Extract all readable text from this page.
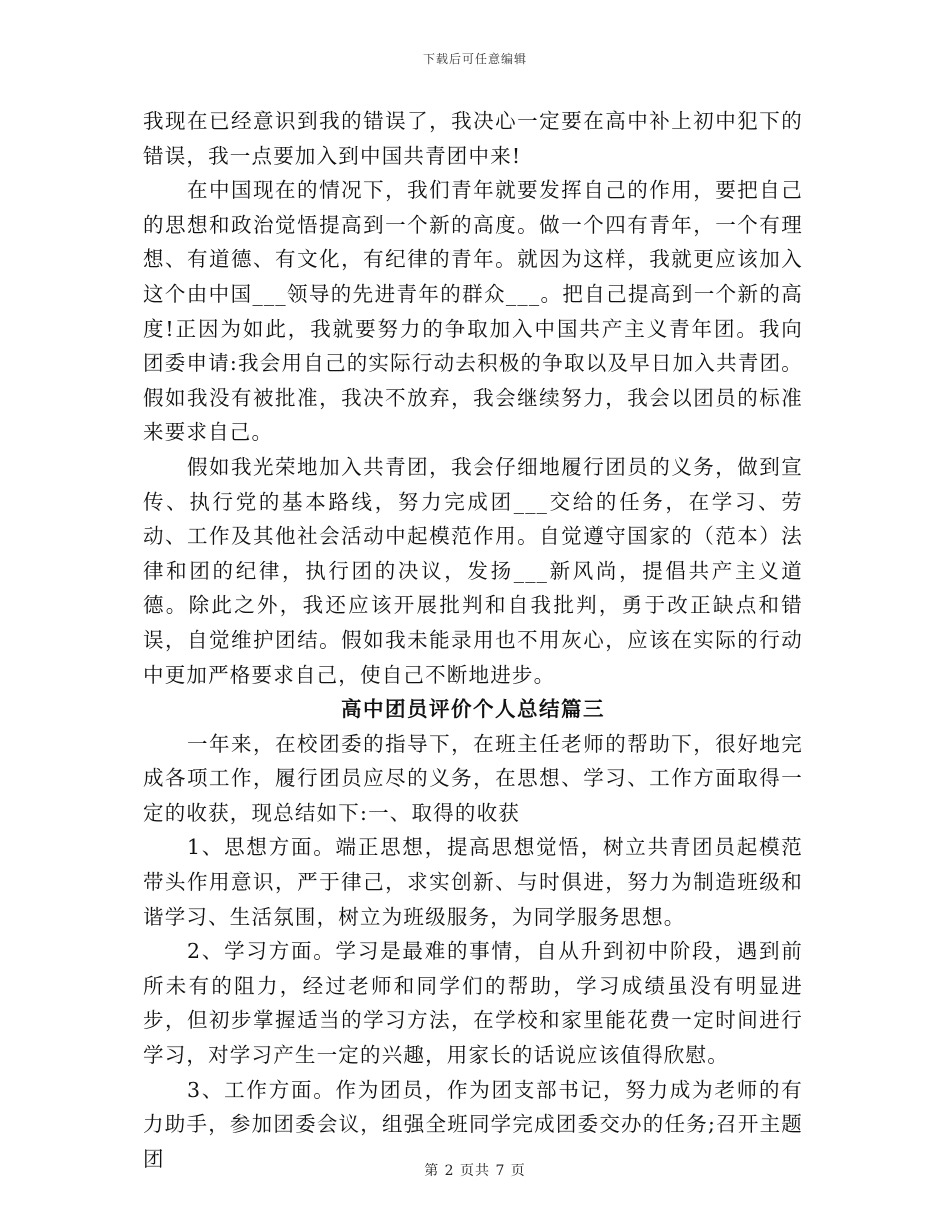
下载后可任意编辑

我现在已经意识到我的错误了，我决心一定要在高中补上初中犯下的错误，我一点要加入到中国共青团中来!

在中国现在的情况下，我们青年就要发挥自己的作用，要把自己的思想和政治觉悟提高到一个新的高度。做一个四有青年，一个有理想、有道德、有文化，有纪律的青年。就因为这样，我就更应该加入这个由中国___领导的先进青年的群众___。把自己提高到一个新的高度!正因为如此，我就要努力的争取加入中国共产主义青年团。我向团委申请:我会用自己的实际行动去积极的争取以及早日加入共青团。假如我没有被批准，我决不放弃，我会继续努力，我会以团员的标准来要求自己。

假如我光荣地加入共青团，我会仔细地履行团员的义务，做到宣传、执行党的基本路线，努力完成团___交给的任务，在学习、劳动、工作及其他社会活动中起模范作用。自觉遵守国家的（范本）法律和团的纪律，执行团的决议，发扬___新风尚，提倡共产主义道德。除此之外，我还应该开展批判和自我批判，勇于改正缺点和错误，自觉维护团结。假如我未能录用也不用灰心，应该在实际的行动中更加严格要求自己，使自己不断地进步。

高中团员评价个人总结篇三

一年来，在校团委的指导下，在班主任老师的帮助下，很好地完成各项工作，履行团员应尽的义务，在思想、学习、工作方面取得一定的收获，现总结如下:一、取得的收获

1、思想方面。端正思想，提高思想觉悟，树立共青团员起模范带头作用意识，严于律己，求实创新、与时俱进，努力为制造班级和谐学习、生活氛围，树立为班级服务，为同学服务思想。

2、学习方面。学习是最难的事情，自从升到初中阶段，遇到前所未有的阻力，经过老师和同学们的帮助，学习成绩虽没有明显进步，但初步掌握适当的学习方法，在学校和家里能花费一定时间进行学习，对学习产生一定的兴趣，用家长的话说应该值得欣慰。

3、工作方面。作为团员，作为团支部书记，努力成为老师的有力助手，参加团委会议，组强全班同学完成团委交办的任务;召开主题团

第 2 页共 7 页
